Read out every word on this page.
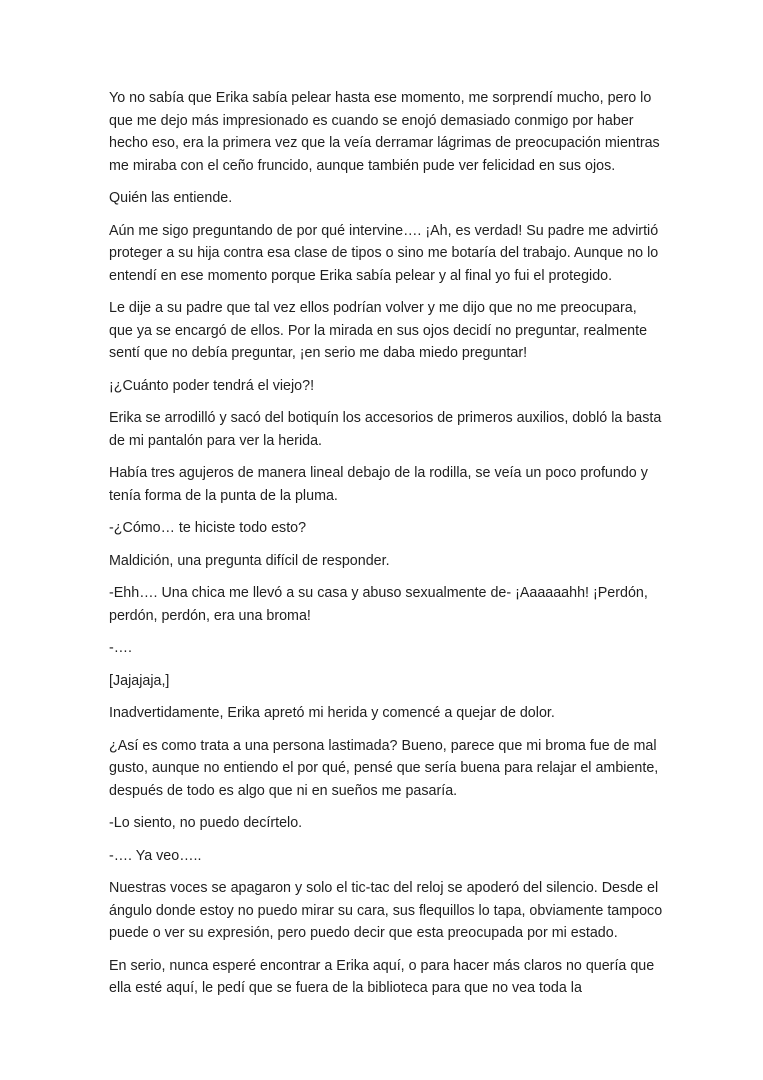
Yo no sabía que Erika sabía pelear hasta ese momento, me sorprendí mucho, pero lo que me dejo más impresionado es cuando se enojó demasiado conmigo por haber hecho eso, era la primera vez que la veía derramar lágrimas de preocupación mientras me miraba con el ceño fruncido, aunque también pude ver felicidad en sus ojos.

Quién las entiende.

Aún me sigo preguntando de por qué intervine…. ¡Ah, es verdad! Su padre me advirtió proteger a su hija contra esa clase de tipos o sino me botaría del trabajo. Aunque no lo entendí en ese momento porque Erika sabía pelear y al final yo fui el protegido.

Le dije a su padre que tal vez ellos podrían volver y me dijo que no me preocupara, que ya se encargó de ellos. Por la mirada en sus ojos decidí no preguntar, realmente sentí que no debía preguntar, ¡en serio me daba miedo preguntar!

¡¿Cuánto poder tendrá el viejo?!

Erika se arrodilló y sacó del botiquín los accesorios de primeros auxilios, dobló la basta de mi pantalón para ver la herida.

Había tres agujeros de manera lineal debajo de la rodilla, se veía un poco profundo y tenía forma de la punta de la pluma.

-¿Cómo… te hiciste todo esto?

Maldición, una pregunta difícil de responder.

-Ehh…. Una chica me llevó a su casa y abuso sexualmente de- ¡Aaaaaahh! ¡Perdón, perdón, perdón, era una broma!

-….

[Jajajaja,]

Inadvertidamente, Erika apretó mi herida y comencé a quejar de dolor.

¿Así es como trata a una persona lastimada? Bueno, parece que mi broma fue de mal gusto, aunque no entiendo el por qué, pensé que sería buena para relajar el ambiente, después de todo es algo que ni en sueños me pasaría.

-Lo siento, no puedo decírtelo.

-…. Ya veo…..

Nuestras voces se apagaron y solo el tic-tac del reloj se apoderó del silencio. Desde el ángulo donde estoy no puedo mirar su cara, sus flequillos lo tapa, obviamente tampoco puede o ver su expresión, pero puedo decir que esta preocupada por mi estado.

En serio, nunca esperé encontrar a Erika aquí, o para hacer más claros no quería que ella esté aquí, le pedí que se fuera de la biblioteca para que no vea toda la
